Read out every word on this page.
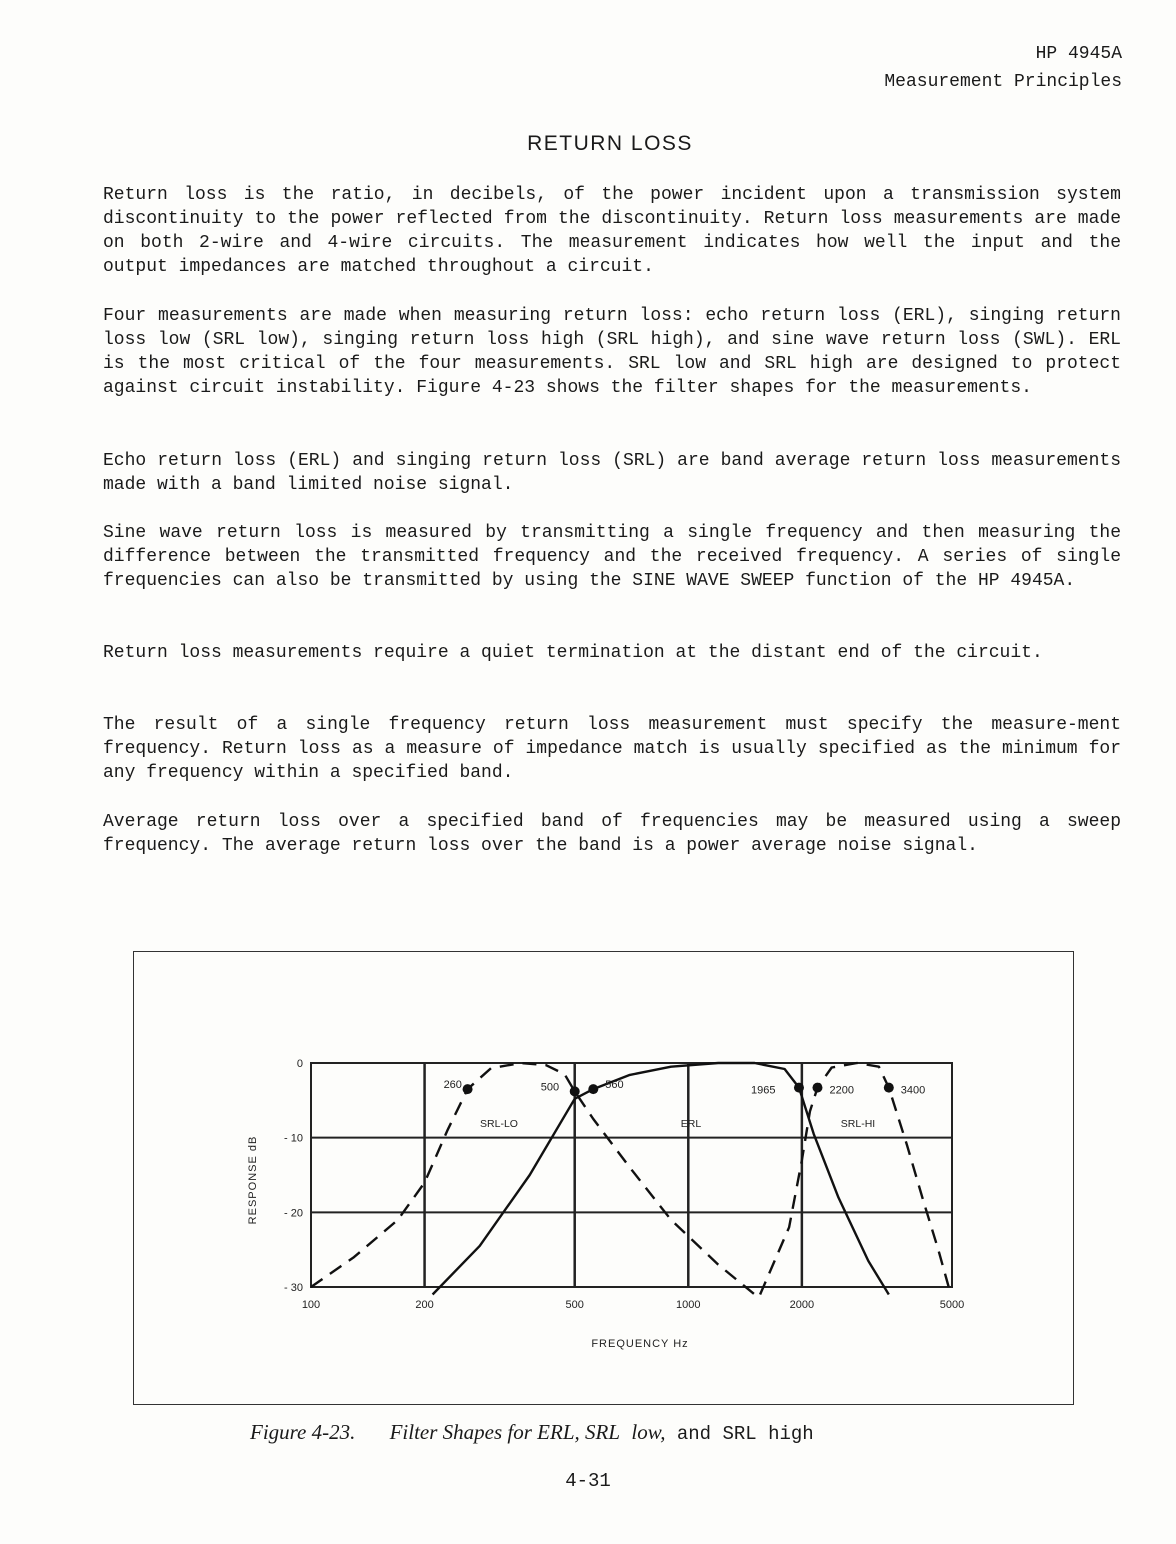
HP 4945A
Measurement Principles
RETURN LOSS

Return loss is the ratio, in decibels, of the power incident upon a transmission system discontinuity to the power reflected from the discontinuity. Return loss measurements are made on both 2-wire and 4-wire circuits. The measurement indicates how well the input and the output impedances are matched throughout a circuit.

Four measurements are made when measuring return loss: echo return loss (ERL), singing return loss low (SRL low), singing return loss high (SRL high), and sine wave return loss (SWL). ERL is the most critical of the four measurements. SRL low and SRL high are designed to protect against circuit instability. Figure 4-23 shows the filter shapes for the measurements.

Echo return loss (ERL) and singing return loss (SRL) are band average return loss measurements made with a band limited noise signal.

Sine wave return loss is measured by transmitting a single frequency and then measuring the difference between the transmitted frequency and the received frequency. A series of single frequencies can also be transmitted by using the SINE WAVE SWEEP function of the HP 4945A.

Return loss measurements require a quiet termination at the distant end of the circuit.

The result of a single frequency return loss measurement must specify the measure-ment frequency. Return loss as a measure of impedance match is usually specified as the minimum for any frequency within a specified band.

Average return loss over a specified band of frequencies may be measured using a sweep frequency. The average return loss over the band is a power average noise signal.

0
- 10
- 20
- 30
100	200	500	1000	2000	5000
260	500	560	1965	2200	3400
SRL-LO	ERL	SRL-HI
RESPONSE dB
FREQUENCY Hz
Figure 4-23. Filter Shapes for ERL, SRL low, and SRL high
4-31
